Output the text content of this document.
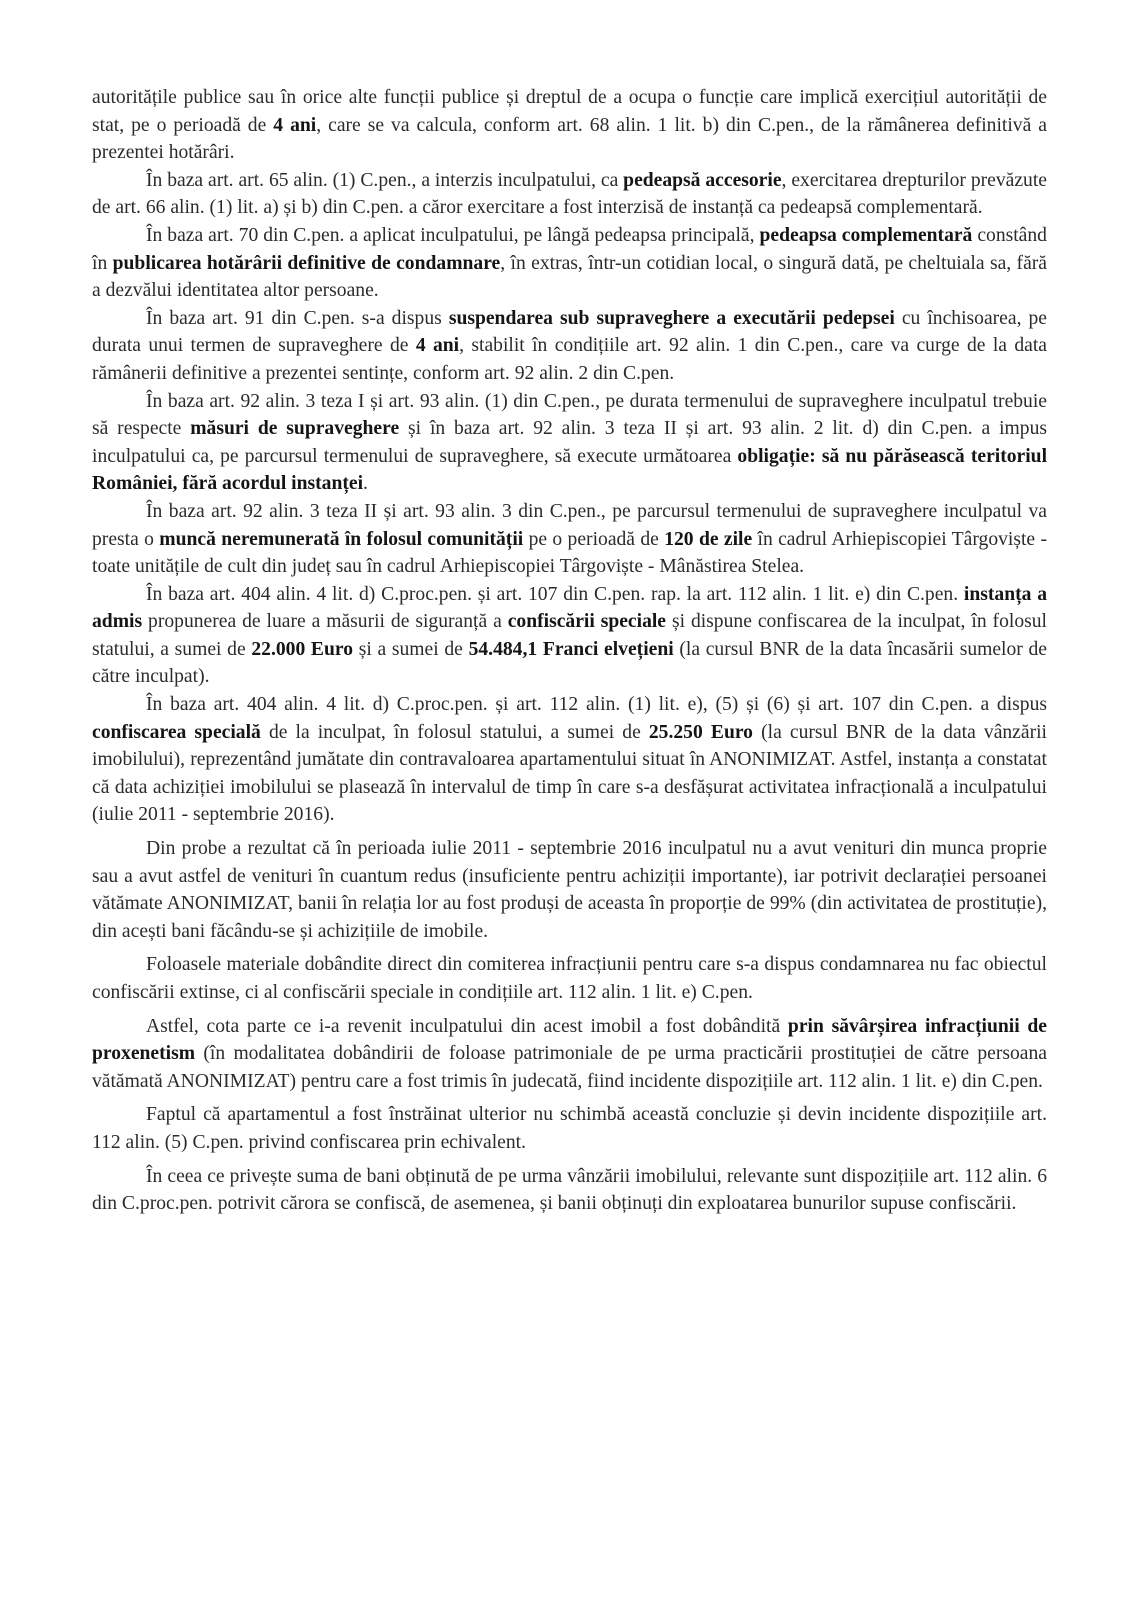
autoritățile publice sau în orice alte funcții publice și dreptul de a ocupa o funcție care implică exercițiul autorității de stat, pe o perioadă de 4 ani, care se va calcula, conform art. 68 alin. 1 lit. b) din C.pen., de la rămânerea definitivă a prezentei hotărâri.

În baza art. art. 65 alin. (1) C.pen., a interzis inculpatului, ca pedeapsă accesorie, exercitarea drepturilor prevăzute de art. 66 alin. (1) lit. a) și b) din C.pen. a căror exercitare a fost interzisă de instanță ca pedeapsă complementară.

În baza art. 70 din C.pen. a aplicat inculpatului, pe lângă pedeapsa principală, pedeapsa complementară constând în publicarea hotărârii definitive de condamnare, în extras, într-un cotidian local, o singură dată, pe cheltuiala sa, fără a dezvălui identitatea altor persoane.

În baza art. 91 din C.pen. s-a dispus suspendarea sub supraveghere a executării pedepsei cu închisoarea, pe durata unui termen de supraveghere de 4 ani, stabilit în condițiile art. 92 alin. 1 din C.pen., care va curge de la data rămânerii definitive a prezentei sentințe, conform art. 92 alin. 2 din C.pen.

În baza art. 92 alin. 3 teza I și art. 93 alin. (1) din C.pen., pe durata termenului de supraveghere inculpatul trebuie să respecte măsuri de supraveghere și în baza art. 92 alin. 3 teza II și art. 93 alin. 2 lit. d) din C.pen. a impus inculpatului ca, pe parcursul termenului de supraveghere, să execute următoarea obligație: să nu părăsească teritoriul României, fără acordul instanței.

În baza art. 92 alin. 3 teza II și art. 93 alin. 3 din C.pen., pe parcursul termenului de supraveghere inculpatul va presta o muncă neremunerată în folosul comunității pe o perioadă de 120 de zile în cadrul Arhiepiscopiei Târgoviște - toate unitățile de cult din județ sau în cadrul Arhiepiscopiei Târgoviște - Mânăstirea Stelea.

În baza art. 404 alin. 4 lit. d) C.proc.pen. și art. 107 din C.pen. rap. la art. 112 alin. 1 lit. e) din C.pen. instanța a admis propunerea de luare a măsurii de siguranță a confiscării speciale și dispune confiscarea de la inculpat, în folosul statului, a sumei de 22.000 Euro și a sumei de 54.484,1 Franci elvețieni (la cursul BNR de la data încasării sumelor de către inculpat).

În baza art. 404 alin. 4 lit. d) C.proc.pen. și art. 112 alin. (1) lit. e), (5) și (6) și art. 107 din C.pen. a dispus confiscarea specială de la inculpat, în folosul statului, a sumei de 25.250 Euro (la cursul BNR de la data vânzării imobilului), reprezentând jumătate din contravaloarea apartamentului situat în ANONIMIZAT. Astfel, instanța a constatat că data achiziției imobilului se plasează în intervalul de timp în care s-a desfășurat activitatea infracțională a inculpatului (iulie 2011 - septembrie 2016).

Din probe a rezultat că în perioada iulie 2011 - septembrie 2016 inculpatul nu a avut venituri din munca proprie sau a avut astfel de venituri în cuantum redus (insuficiente pentru achiziții importante), iar potrivit declarației persoanei vătămate ANONIMIZAT, banii în relația lor au fost produși de aceasta în proporție de 99% (din activitatea de prostituție), din acești bani făcându-se și achizițiile de imobile.

Foloasele materiale dobândite direct din comiterea infracțiunii pentru care s-a dispus condamnarea nu fac obiectul confiscării extinse, ci al confiscării speciale in condițiile art. 112 alin. 1 lit. e) C.pen.

Astfel, cota parte ce i-a revenit inculpatului din acest imobil a fost dobândită prin săvârșirea infracțiunii de proxenetism (în modalitatea dobândirii de foloase patrimoniale de pe urma practicării prostituției de către persoana vătămată ANONIMIZAT) pentru care a fost trimis în judecată, fiind incidente dispozițiile art. 112 alin. 1 lit. e) din C.pen.

Faptul că apartamentul a fost înstrăinat ulterior nu schimbă această concluzie și devin incidente dispozițiile art. 112 alin. (5) C.pen. privind confiscarea prin echivalent.

În ceea ce privește suma de bani obținută de pe urma vânzării imobilului, relevante sunt dispozițiile art. 112 alin. 6 din C.proc.pen. potrivit cărora se confiscă, de asemenea, și banii obținuți din exploatarea bunurilor supuse confiscării.
